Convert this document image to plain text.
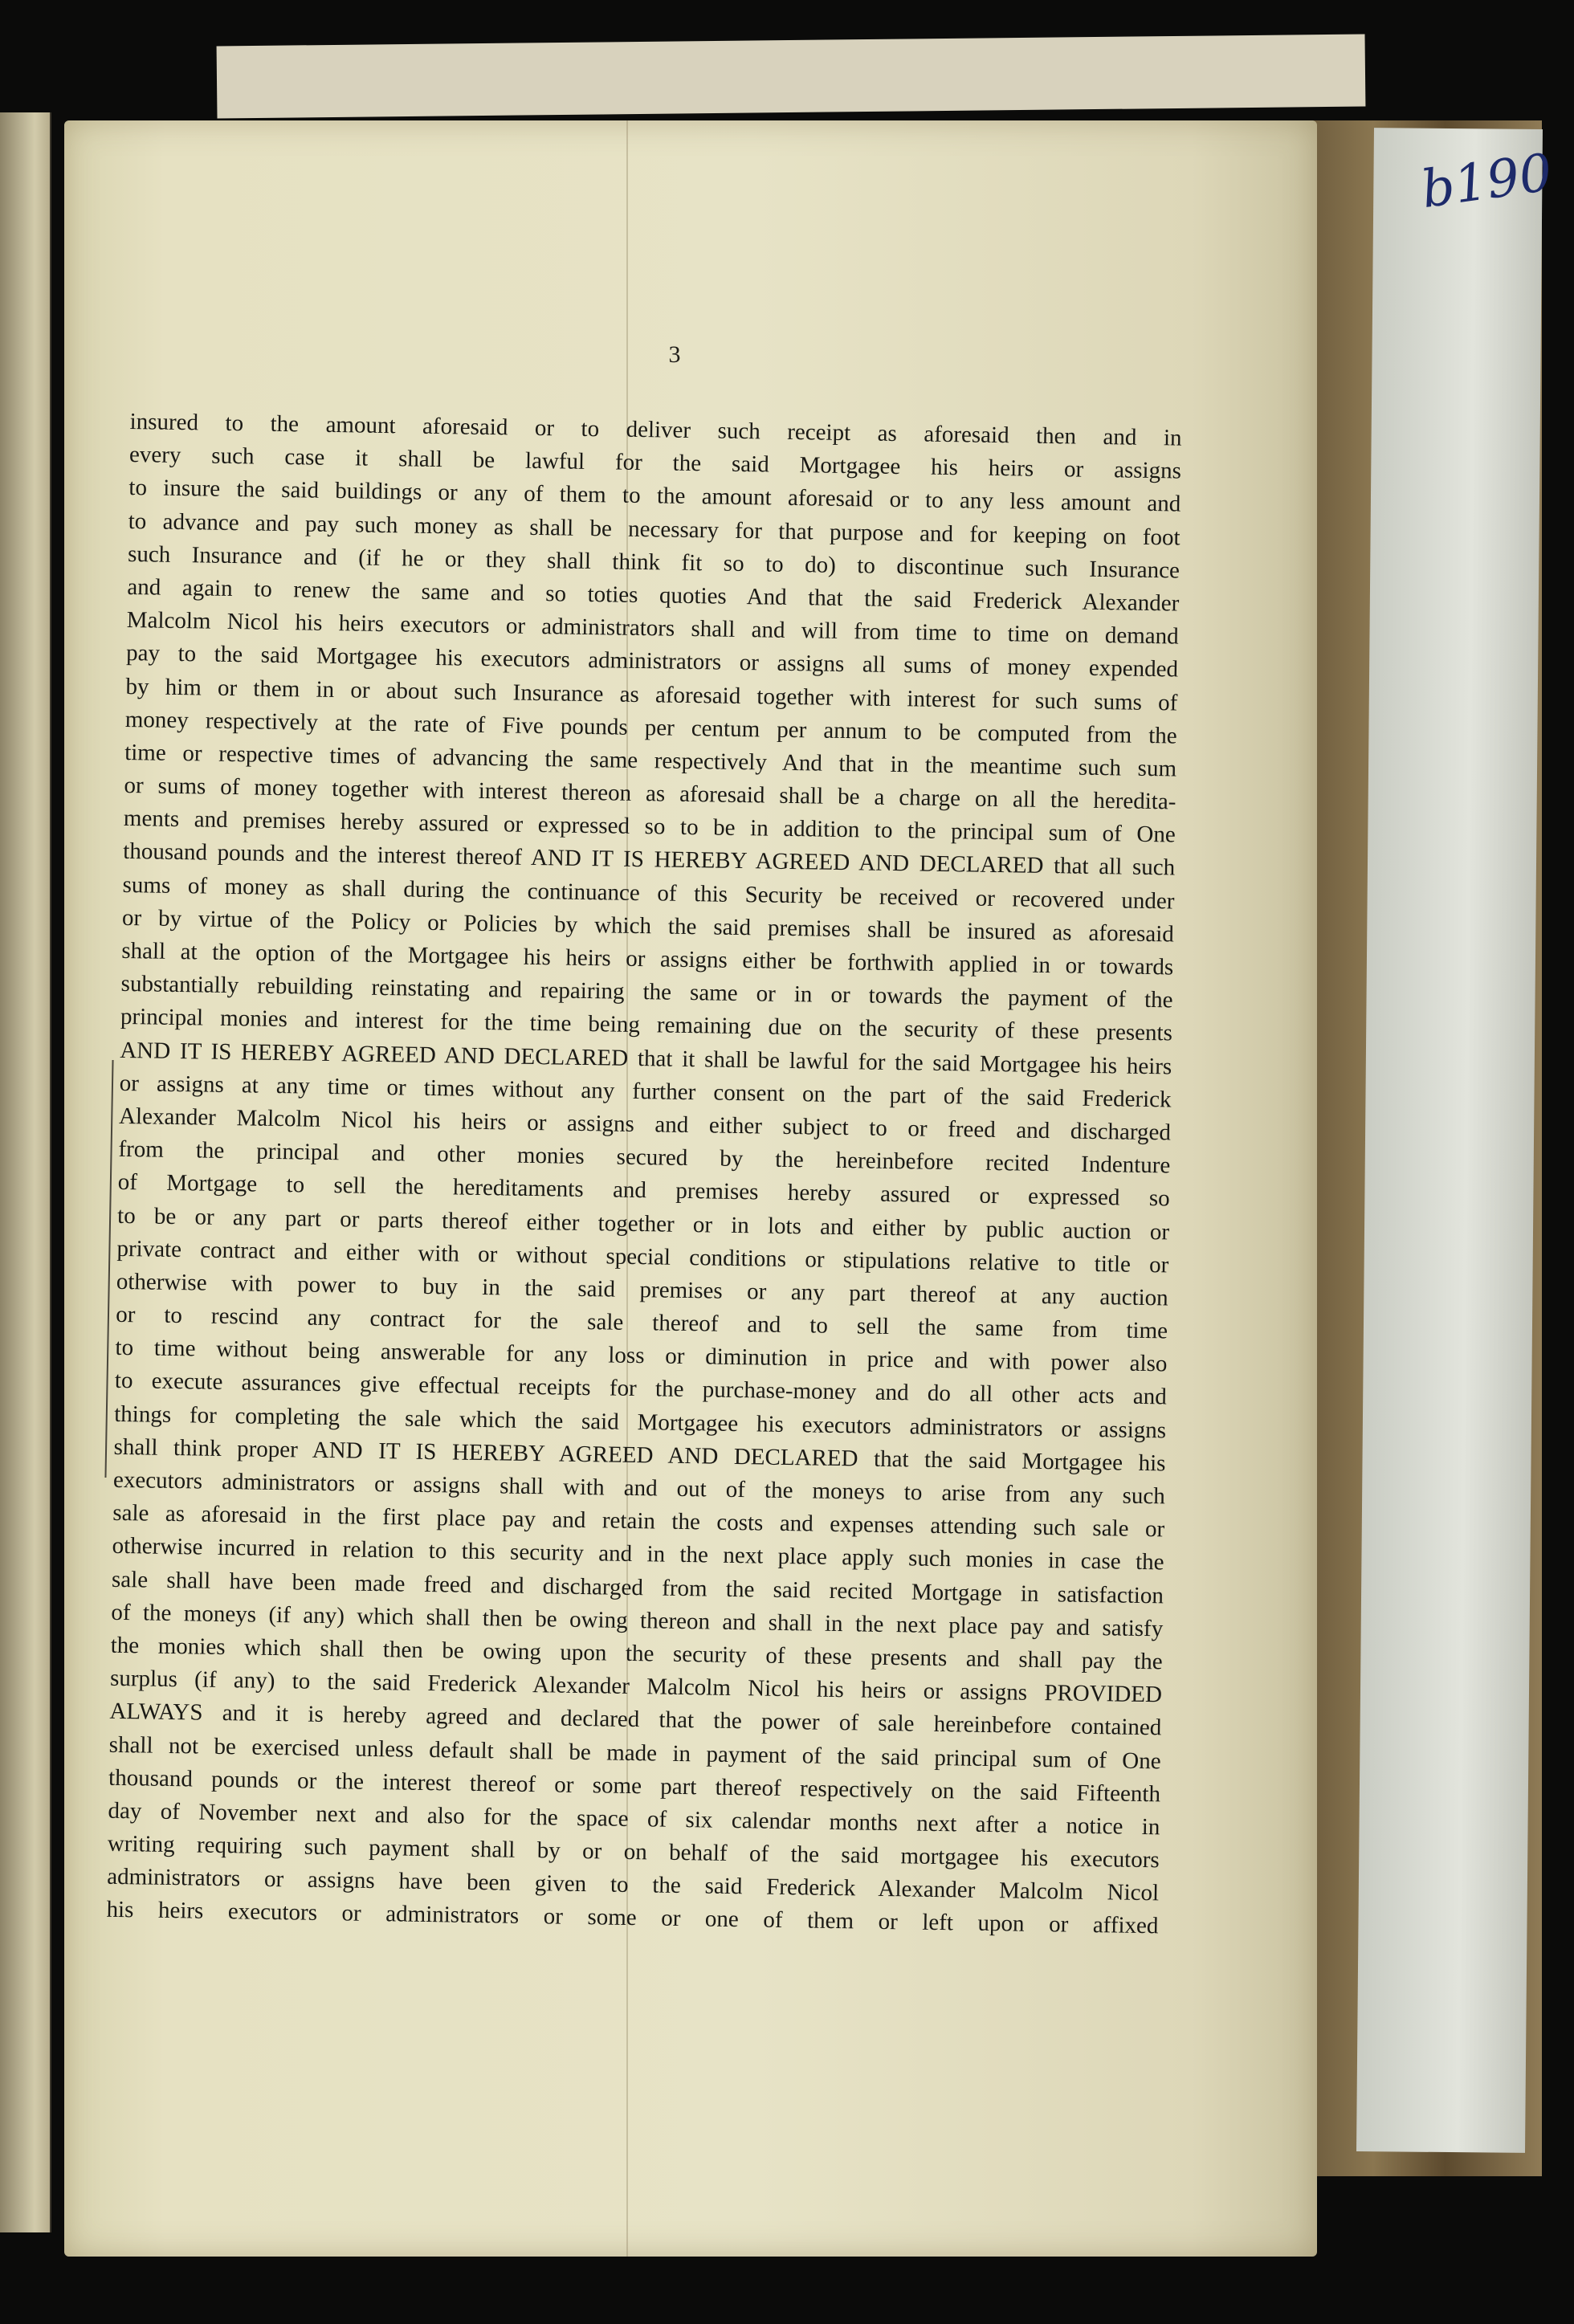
b190
3
insured to the amount aforesaid or to deliver such receipt as aforesaid then and in
every such case it shall be lawful for the said Mortgagee his heirs or assigns
to insure the said buildings or any of them to the amount aforesaid or to any less amount and
to advance and pay such money as shall be necessary for that purpose and for keeping on foot
such Insurance and (if he or they shall think fit so to do) to discontinue such Insurance
and again to renew the same and so toties quoties And that the said Frederick Alexander
Malcolm Nicol his heirs executors or administrators shall and will from time to time on demand
pay to the said Mortgagee his executors administrators or assigns all sums of money expended
by him or them in or about such Insurance as aforesaid together with interest for such sums of
money respectively at the rate of Five pounds per centum per annum to be computed from the
time or respective times of advancing the same respectively And that in the meantime such sum
or sums of money together with interest thereon as aforesaid shall be a charge on all the heredita-
ments and premises hereby assured or expressed so to be in addition to the principal sum of One
thousand pounds and the interest thereof AND IT IS HEREBY AGREED AND DECLARED that all such
sums of money as shall during the continuance of this Security be received or recovered under
or by virtue of the Policy or Policies by which the said premises shall be insured as aforesaid
shall at the option of the Mortgagee his heirs or assigns either be forthwith applied in or towards
substantially rebuilding reinstating and repairing the same or in or towards the payment of the
principal monies and interest for the time being remaining due on the security of these presents
AND IT IS HEREBY AGREED AND DECLARED that it shall be lawful for the said Mortgagee his heirs
or assigns at any time or times without any further consent on the part of the said Frederick
Alexander Malcolm Nicol his heirs or assigns and either subject to or freed and discharged
from the principal and other monies secured by the hereinbefore recited Indenture
of Mortgage to sell the hereditaments and premises hereby assured or expressed so
to be or any part or parts thereof either together or in lots and either by public auction or
private contract and either with or without special conditions or stipulations relative to title or
otherwise with power to buy in the said premises or any part thereof at any auction
or to rescind any contract for the sale thereof and to sell the same from time
to time without being answerable for any loss or diminution in price and with power also
to execute assurances give effectual receipts for the purchase-money and do all other acts and
things for completing the sale which the said Mortgagee his executors administrators or assigns
shall think proper AND IT IS HEREBY AGREED AND DECLARED that the said Mortgagee his
executors administrators or assigns shall with and out of the moneys to arise from any such
sale as aforesaid in the first place pay and retain the costs and expenses attending such sale or
otherwise incurred in relation to this security and in the next place apply such monies in case the
sale shall have been made freed and discharged from the said recited Mortgage in satisfaction
of the moneys (if any) which shall then be owing thereon and shall in the next place pay and satisfy
the monies which shall then be owing upon the security of these presents and shall pay the
surplus (if any) to the said Frederick Alexander Malcolm Nicol his heirs or assigns PROVIDED
ALWAYS and it is hereby agreed and declared that the power of sale hereinbefore contained
shall not be exercised unless default shall be made in payment of the said principal sum of One
thousand pounds or the interest thereof or some part thereof respectively on the said Fifteenth
day of November next and also for the space of six calendar months next after a notice in
writing requiring such payment shall by or on behalf of the said mortgagee his executors
administrators or assigns have been given to the said Frederick Alexander Malcolm Nicol
his heirs executors or administrators or some or one of them or left upon or affixed
